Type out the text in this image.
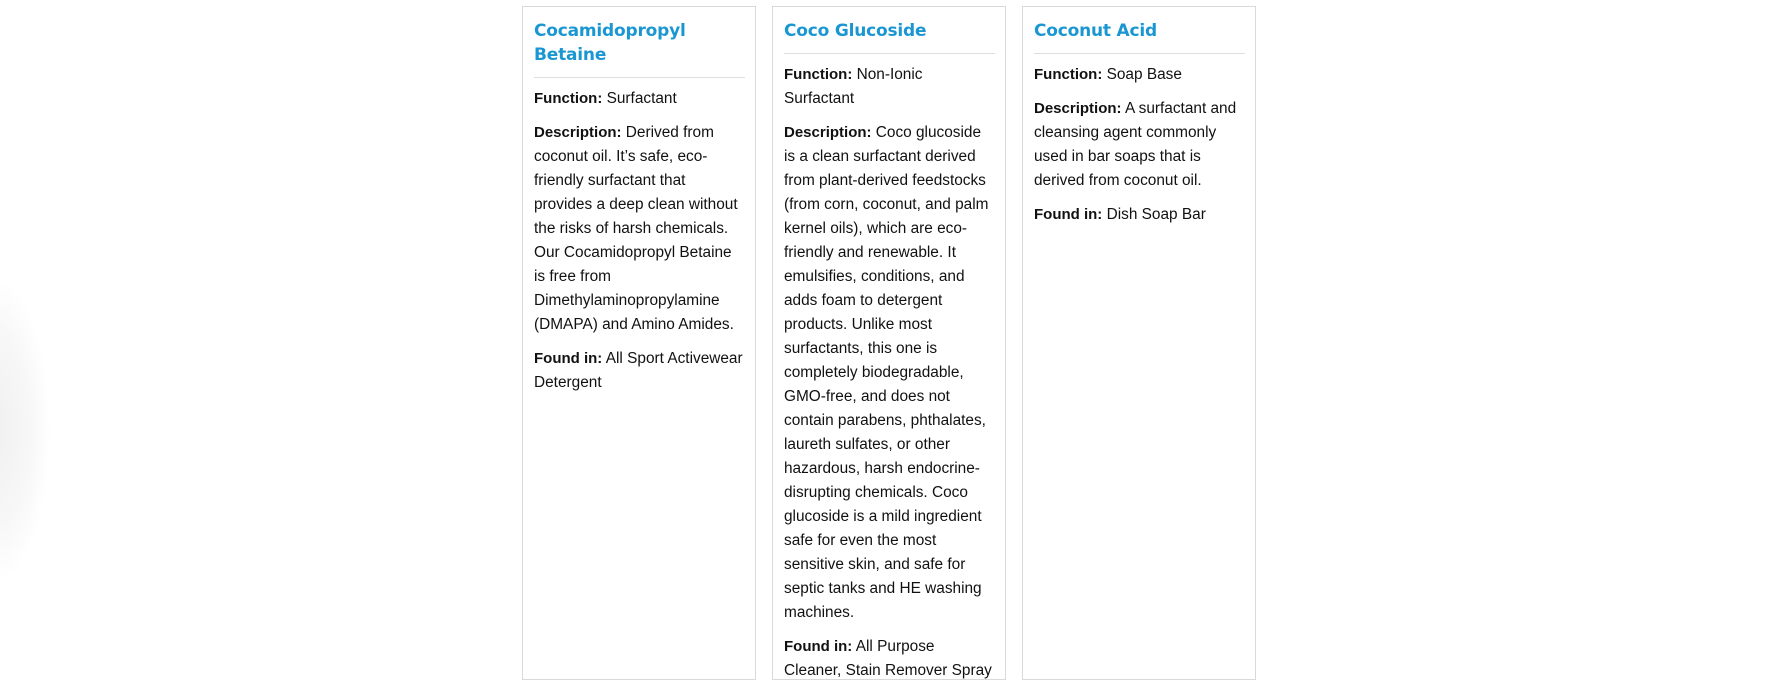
Cocamidopropyl Betaine

Function: Surfactant

Description: Derived from coconut oil. It’s safe, eco-friendly surfactant that provides a deep clean without the risks of harsh chemicals. Our Cocamidopropyl Betaine is free from Dimethylaminopropylamine (DMAPA) and Amino Amides.

Found in: All Sport Activewear Detergent

Coco Glucoside

Function: Non-Ionic Surfactant

Description: Coco glucoside is a clean surfactant derived from plant-derived feedstocks (from corn, coconut, and palm kernel oils), which are eco-friendly and renewable. It emulsifies, conditions, and adds foam to detergent products. Unlike most surfactants, this one is completely biodegradable, GMO-free, and does not contain parabens, phthalates, laureth sulfates, or other hazardous, harsh endocrine-disrupting chemicals. Coco glucoside is a mild ingredient safe for even the most sensitive skin, and safe for septic tanks and HE washing machines.

Found in: All Purpose Cleaner, Stain Remover Spray

Coconut Acid

Function: Soap Base

Description: A surfactant and cleansing agent commonly used in bar soaps that is derived from coconut oil.

Found in: Dish Soap Bar
